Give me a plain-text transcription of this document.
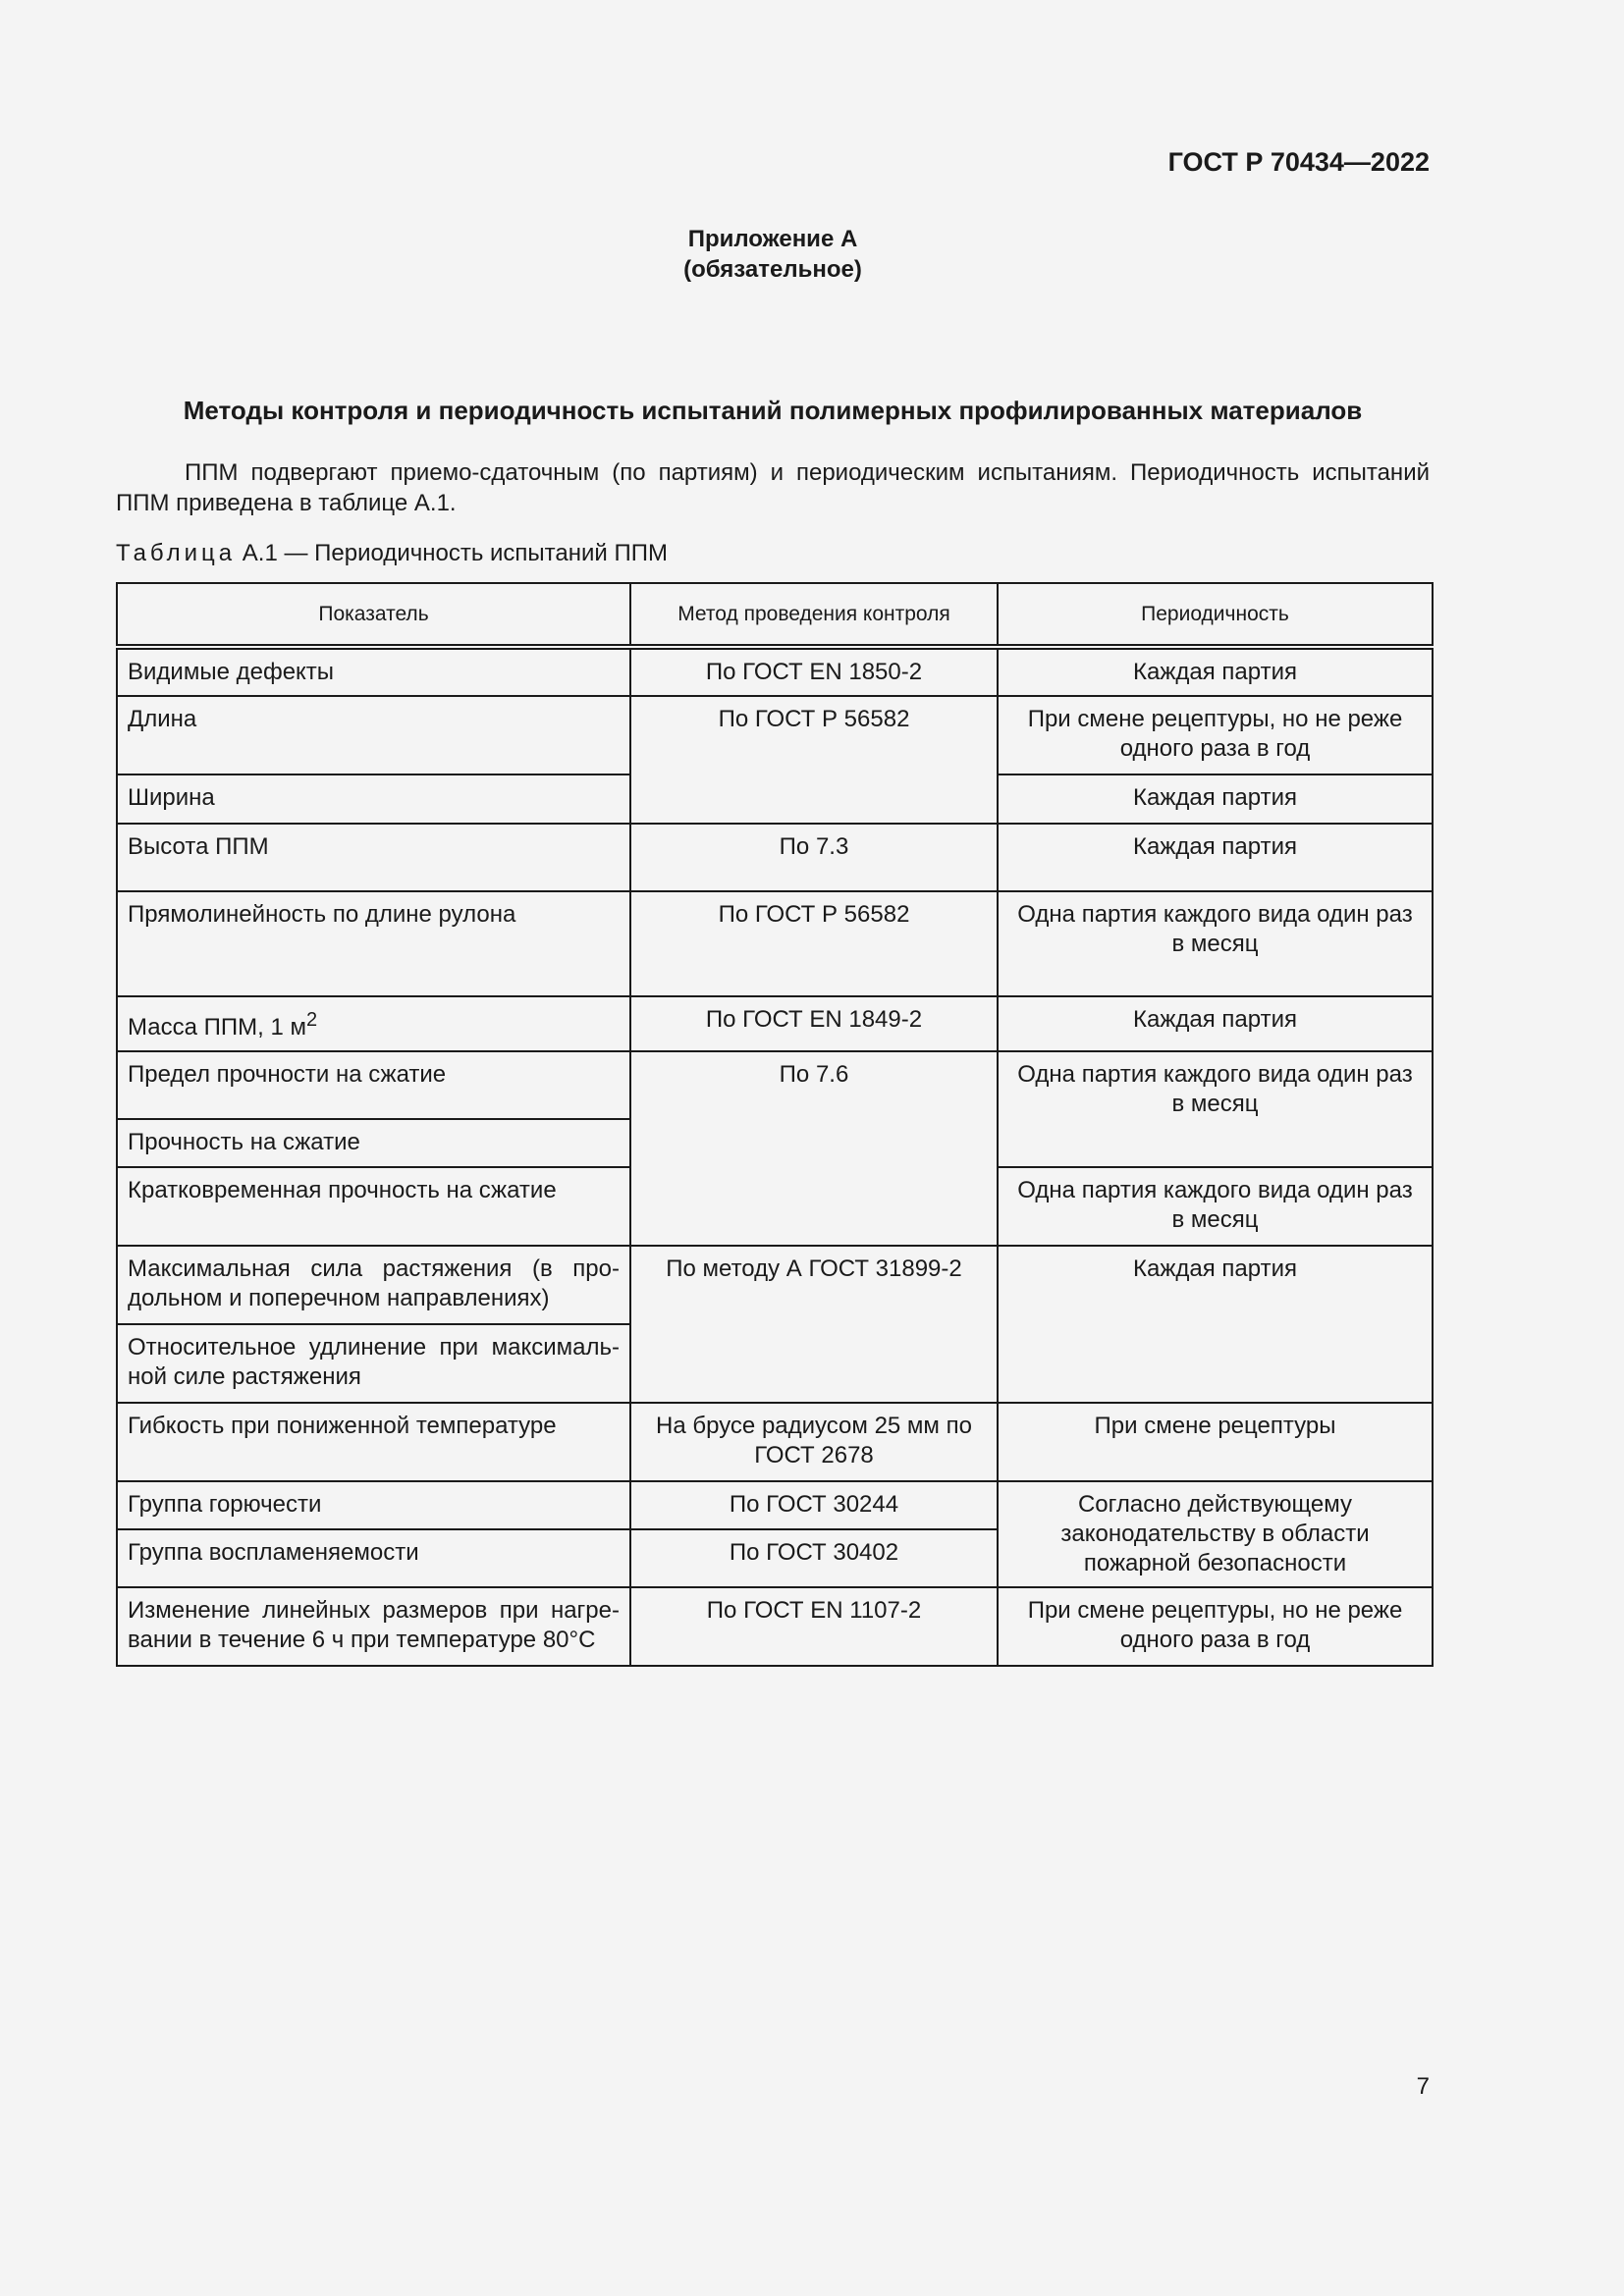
ГОСТ Р 70434—2022

Приложение А
(обязательное)

Методы контроля и периодичность испытаний полимерных профилированных материалов

ППМ подвергают приемо-сдаточным (по партиям) и периодическим испытаниям. Периодичность испытаний ППМ приведена в таблице А.1.

Таблица А.1 — Периодичность испытаний ППМ

Показатель	Метод проведения контроля	Периодичность
Видимые дефекты	По ГОСТ EN 1850-2	Каждая партия
Длина	По ГОСТ Р 56582	При смене рецептуры, но не реже одного раза в год
Ширина		Каждая партия
Высота ППМ	По 7.3	Каждая партия
Прямолинейность по длине рулона	По ГОСТ Р 56582	Одна партия каждого вида один раз в месяц
Масса ППМ, 1 $м^2$	По ГОСТ EN 1849-2	Каждая партия
Предел прочности на сжатие	По 7.6	Одна партия каждого вида один раз в месяц
Прочность на сжатие		
Кратковременная прочность на сжатие		Одна партия каждого вида один раз в месяц
Максимальная сила растяжения (в продольном и поперечном направлениях)	По методу А ГОСТ 31899-2	Каждая партия
Относительное удлинение при максимальной силе растяжения		
Гибкость при пониженной температуре	На брусе радиусом 25 мм по ГОСТ 2678	При смене рецептуры
Группа горючести	По ГОСТ 30244	Согласно действующему законодательству в области пожарной безопасности
Группа воспламеняемости	По ГОСТ 30402	
Изменение линейных размеров при нагревании в течение 6 ч при температуре 80°С	По ГОСТ EN 1107-2	При смене рецептуры, но не реже одного раза в год

7
